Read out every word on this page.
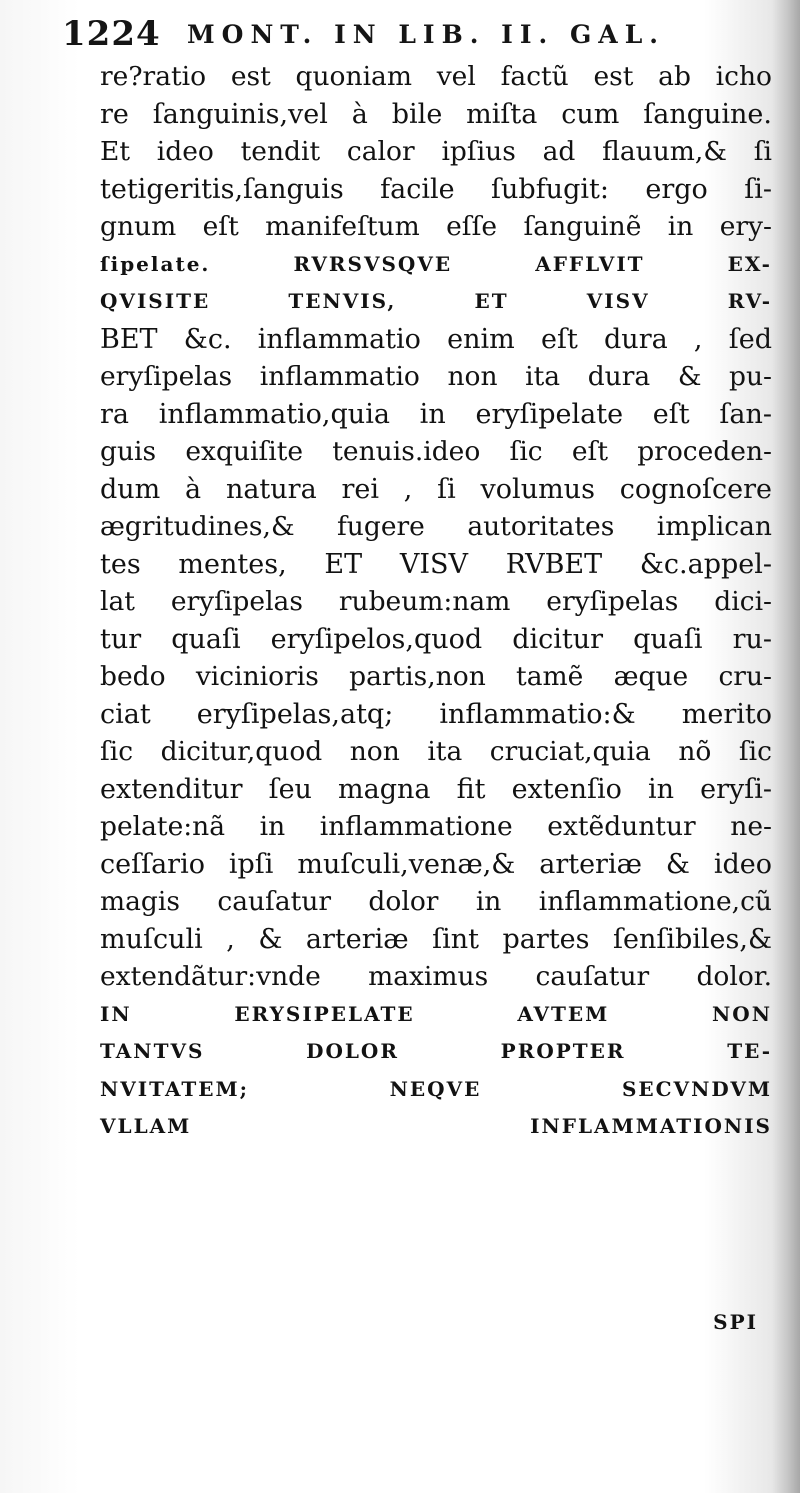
1224 MONT. IN LIB. II. GAL.
re?ratio est quoniam vel factũ est ab icho
re ſanguinis,vel à bile miſta cum ſanguine.
Et ideo tendit calor ipſius ad flauum,& ſi
tetigeritis,ſanguis facile ſubfugit: ergo ſi-
gnum eſt manifeſtum eſſe ſanguinẽ in ery-
ſipelate. RVRSVSQVE AFFLVIT EX-
QVISITE TENVIS, ET VISV RV-
BET &c. inflammatio enim eſt dura , ſed
eryſipelas inflammatio non ita dura & pu-
ra inflammatio,quia in eryſipelate eſt ſan-
guis exquiſite tenuis.ideo ſic eſt proceden-
dum à natura rei , ſi volumus cognoſcere
ægritudines,& fugere autoritates implican
tes mentes, ET VISV RVBET &c.appel-
lat eryſipelas rubeum:nam eryſipelas dici-
tur quaſi eryſipelos,quod dicitur quaſi ru-
bedo vicinioris partis,non tamẽ æque cru-
ciat eryſipelas,atq; inflammatio:& merito
ſic dicitur,quod non ita cruciat,quia nõ ſic
extenditur ſeu magna fit extenſio in eryſi-
pelate:nã in inflammatione extẽduntur ne-
ceſſario ipſi muſculi,venæ,& arteriæ & ideo
magis cauſatur dolor in inflammatione,cũ
muſculi , & arteriæ ſint partes ſenſibiles,&
extendãtur:vnde maximus cauſatur dolor.
IN ERYSIPELATE AVTEM NON
TANTVS DOLOR PROPTER TE-
NVITATEM; NEQVE SECVNDVM
VLLAM INFLAMMATIONIS
SPI
